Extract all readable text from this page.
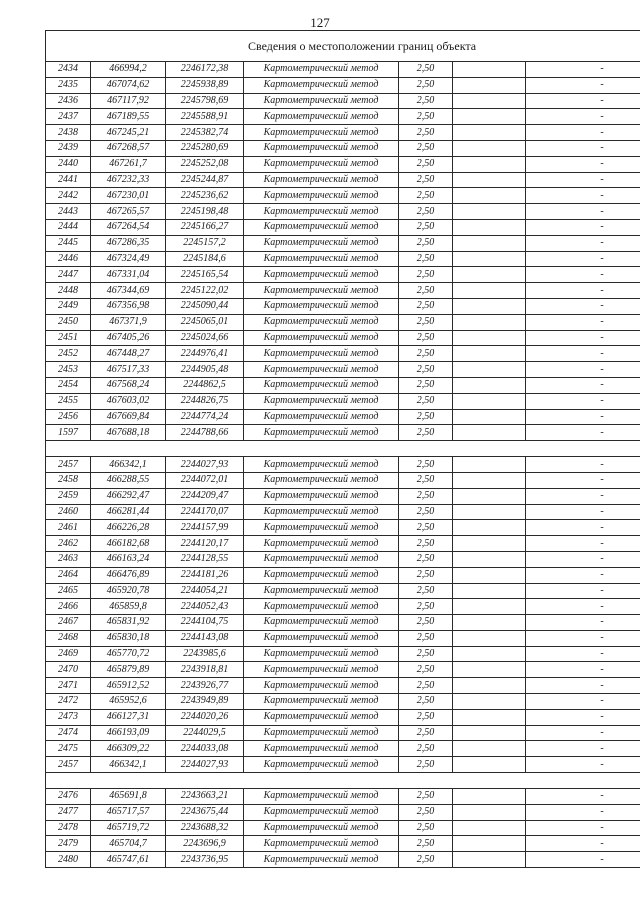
127
Сведения о местоположении границ объекта						
2434	466994,2	2246172,38	Картометрический метод	2,50		-
2435	467074,62	2245938,89	Картометрический метод	2,50		-
2436	467117,92	2245798,69	Картометрический метод	2,50		-
2437	467189,55	2245588,91	Картометрический метод	2,50		-
2438	467245,21	2245382,74	Картометрический метод	2,50		-
2439	467268,57	2245280,69	Картометрический метод	2,50		-
2440	467261,7	2245252,08	Картометрический метод	2,50		-
2441	467232,33	2245244,87	Картометрический метод	2,50		-
2442	467230,01	2245236,62	Картометрический метод	2,50		-
2443	467265,57	2245198,48	Картометрический метод	2,50		-
2444	467264,54	2245166,27	Картометрический метод	2,50		-
2445	467286,35	2245157,2	Картометрический метод	2,50		-
2446	467324,49	2245184,6	Картометрический метод	2,50		-
2447	467331,04	2245165,54	Картометрический метод	2,50		-
2448	467344,69	2245122,02	Картометрический метод	2,50		-
2449	467356,98	2245090,44	Картометрический метод	2,50		-
2450	467371,9	2245065,01	Картометрический метод	2,50		-
2451	467405,26	2245024,66	Картометрический метод	2,50		-
2452	467448,27	2244976,41	Картометрический метод	2,50		-
2453	467517,33	2244905,48	Картометрический метод	2,50		-
2454	467568,24	2244862,5	Картометрический метод	2,50		-
2455	467603,02	2244826,75	Картометрический метод	2,50		-
2456	467669,84	2244774,24	Картометрический метод	2,50		-
1597	467688,18	2244788,66	Картометрический метод	2,50		-

2457	466342,1	2244027,93	Картометрический метод	2,50		-
2458	466288,55	2244072,01	Картометрический метод	2,50		-
2459	466292,47	2244209,47	Картометрический метод	2,50		-
2460	466281,44	2244170,07	Картометрический метод	2,50		-
2461	466226,28	2244157,99	Картометрический метод	2,50		-
2462	466182,68	2244120,17	Картометрический метод	2,50		-
2463	466163,24	2244128,55	Картометрический метод	2,50		-
2464	466476,89	2244181,26	Картометрический метод	2,50		-
2465	465920,78	2244054,21	Картометрический метод	2,50		-
2466	465859,8	2244052,43	Картометрический метод	2,50		-
2467	465831,92	2244104,75	Картометрический метод	2,50		-
2468	465830,18	2244143,08	Картометрический метод	2,50		-
2469	465770,72	2243985,6	Картометрический метод	2,50		-
2470	465879,89	2243918,81	Картометрический метод	2,50		-
2471	465912,52	2243926,77	Картометрический метод	2,50		-
2472	465952,6	2243949,89	Картометрический метод	2,50		-
2473	466127,31	2244020,26	Картометрический метод	2,50		-
2474	466193,09	2244029,5	Картометрический метод	2,50		-
2475	466309,22	2244033,08	Картометрический метод	2,50		-
2457	466342,1	2244027,93	Картометрический метод	2,50		-

2476	465691,8	2243663,21	Картометрический метод	2,50		-
2477	465717,57	2243675,44	Картометрический метод	2,50		-
2478	465719,72	2243688,32	Картометрический метод	2,50		-
2479	465704,7	2243696,9	Картометрический метод	2,50		-
2480	465747,61	2243736,95	Картометрический метод	2,50		-
